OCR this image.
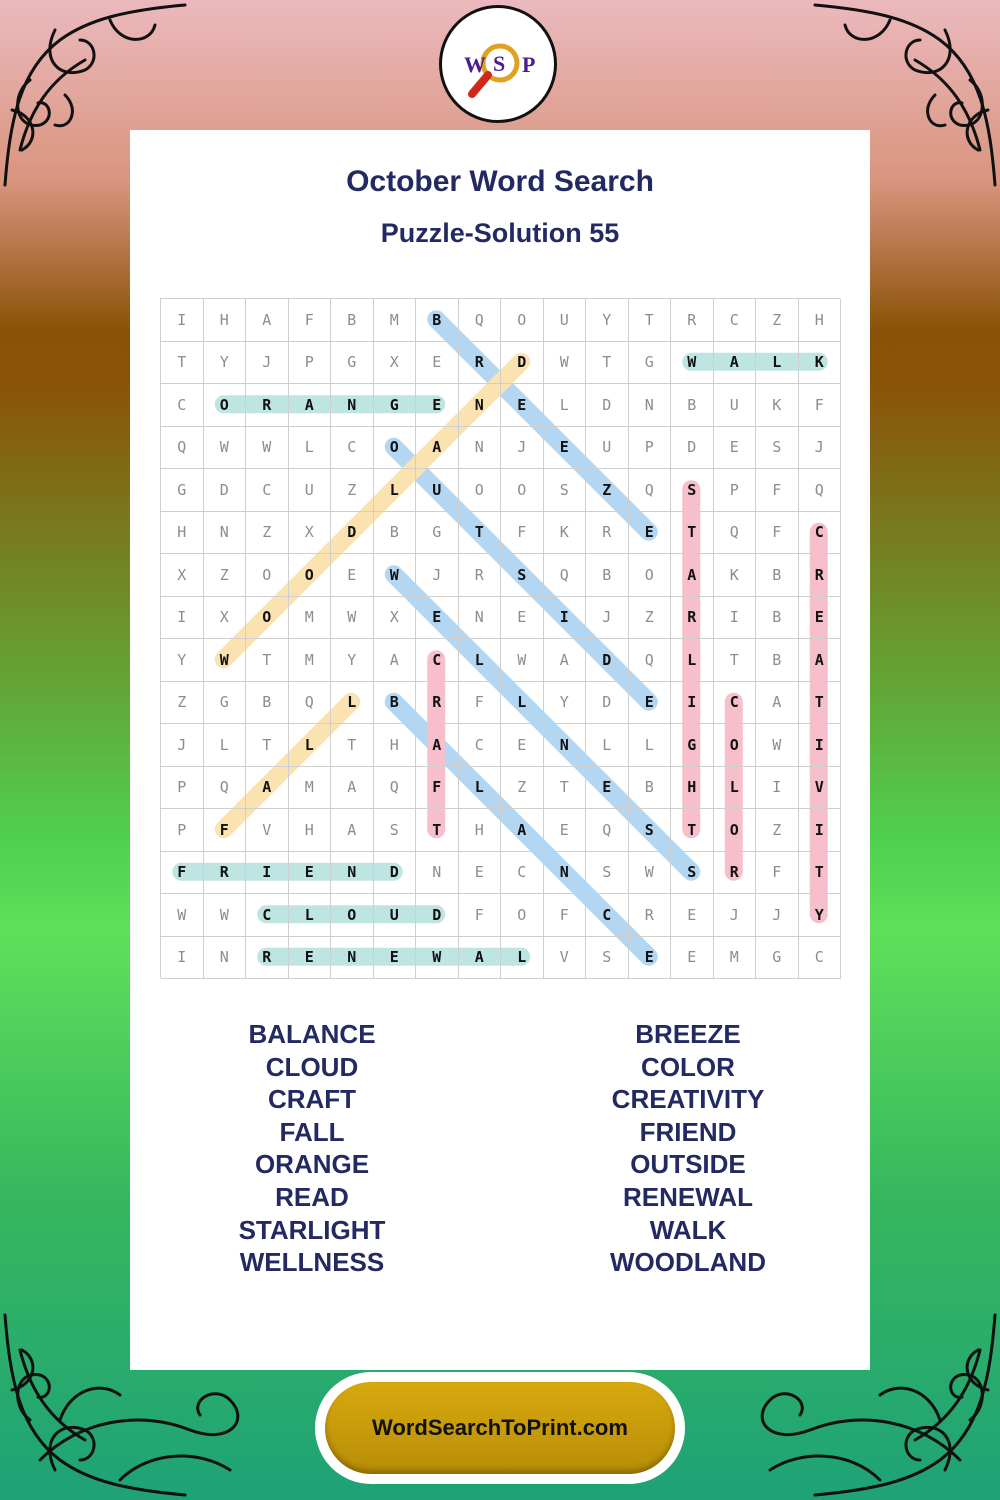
W S P
October Word Search
Puzzle-Solution 55
I	H	A	F	B	M	B	Q	O	U	Y	T	R	C	Z	H
T	Y	J	P	G	X	E	R	D	W	T	G	W	A	L	K
C	O	R	A	N	G	E	N	E	L	D	N	B	U	K	F
Q	W	W	L	C	O	A	N	J	E	U	P	D	E	S	J
G	D	C	U	Z	L	U	O	O	S	Z	Q	S	P	F	Q
H	N	Z	X	D	B	G	T	F	K	R	E	T	Q	F	C
X	Z	O	O	E	W	J	R	S	Q	B	O	A	K	B	R
I	X	O	M	W	X	E	N	E	I	J	Z	R	I	B	E
Y	W	T	M	Y	A	C	L	W	A	D	Q	L	T	B	A
Z	G	B	Q	L	B	R	F	L	Y	D	E	I	C	A	T
J	L	T	L	T	H	A	C	E	N	L	L	G	O	W	I
P	Q	A	M	A	Q	F	L	Z	T	E	B	H	L	I	V
P	F	V	H	A	S	T	H	A	E	Q	S	T	O	Z	I
F	R	I	E	N	D	N	E	C	N	S	W	S	R	F	T
W	W	C	L	O	U	D	F	O	F	C	R	E	J	J	Y
I	N	R	E	N	E	W	A	L	V	S	E	E	M	G	C
BALANCE
CLOUD
CRAFT
FALL
ORANGE
READ
STARLIGHT
WELLNESS
BREEZE
COLOR
CREATIVITY
FRIEND
OUTSIDE
RENEWAL
WALK
WOODLAND
WordSearchToPrint.com
